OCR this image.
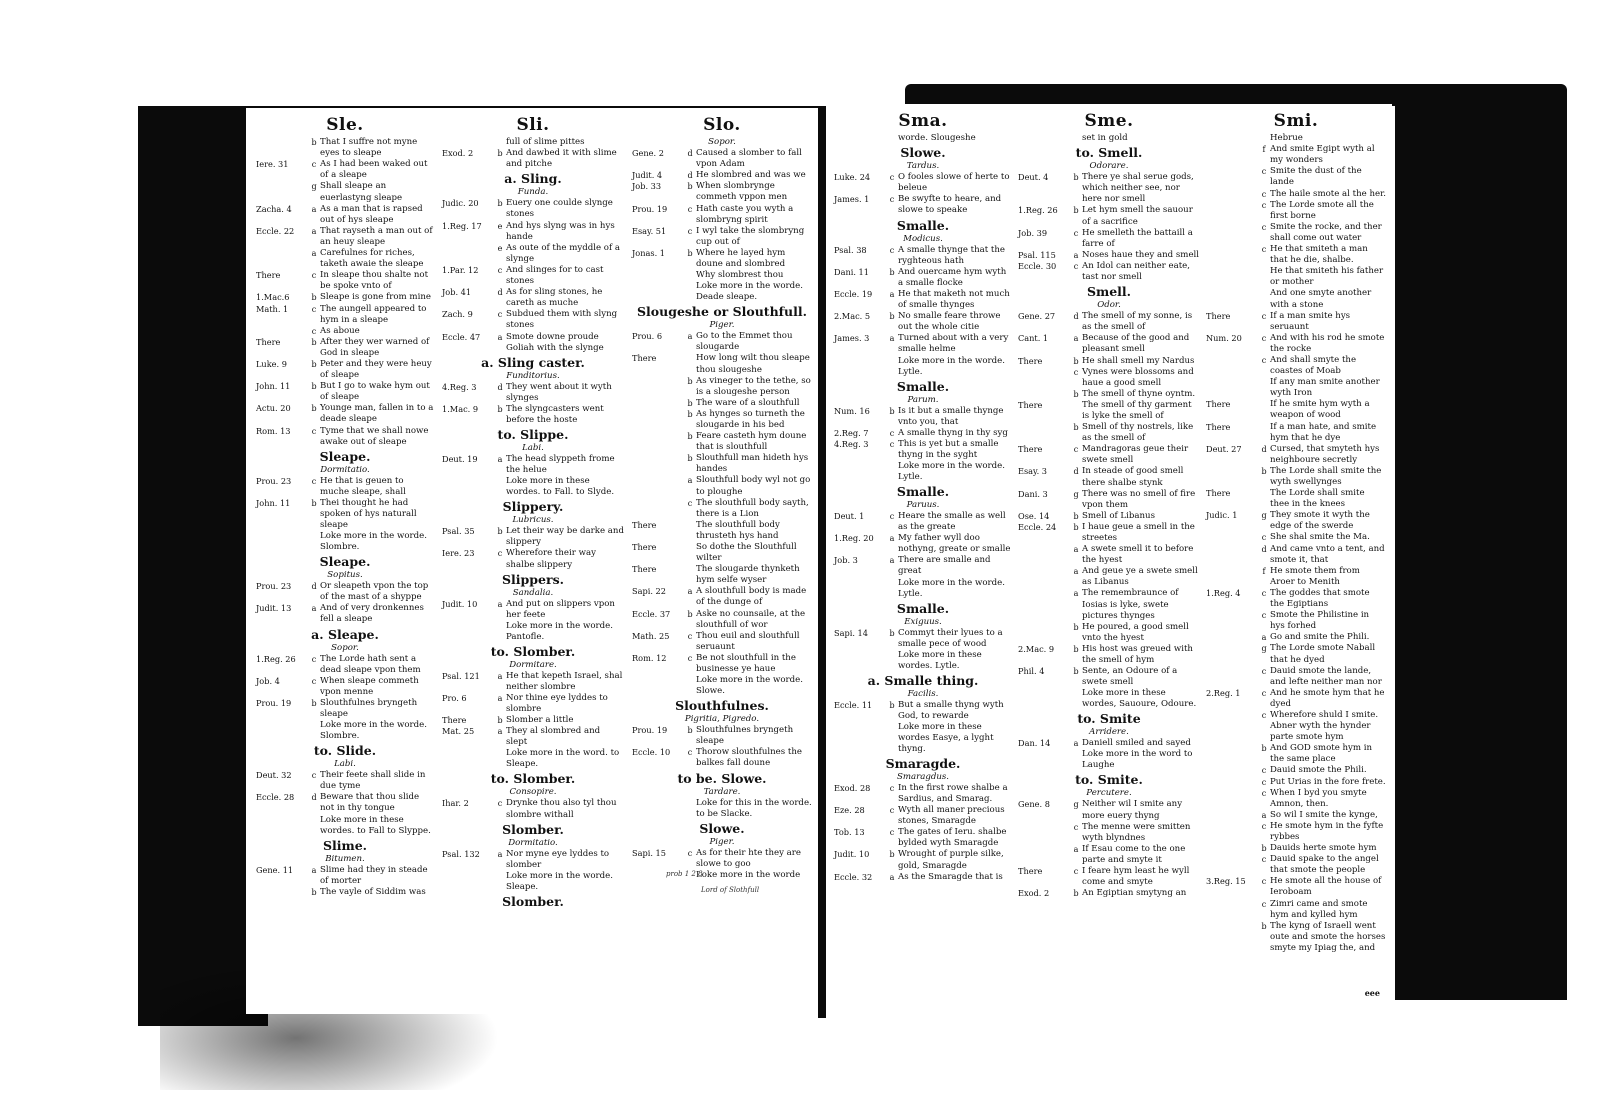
Sle.
b That I suffre not myne eyes to sleape
Iere. 31	c As I had been waked out of a sleape
g Shall sleape an euerlastyng sleape
Zacha. 4	a As a man that is rapsed out of hys sleape
Eccle. 22	a That rayseth a man out of an heuy sleape
a Carefulnes for riches, taketh awaie the sleape
There	c In sleape thou shalte not be spoke vnto of
1.Mac.6	b Sleape is gone from mine
Math. 1	c The aungell appeared to hym in a sleape
c As aboue
There	b After they wer warned of God in sleape
Luke. 9	b Peter and they were heuy of sleape
John. 11	b But I go to wake hym out of sleape
Actu. 20	b Younge man, fallen in to a deade sleape
Rom. 13	c Tyme that we shall nowe awake out of sleape
Sleape.
Dormitatio.
Prou. 23	c He that is geuen to muche sleape, shall
John. 11	b Thei thought he had spoken of hys naturall sleape
Loke more in the worde. Slombre.
Sleape.
Sopitus.
Prou. 23	d Or sleapeth vpon the top of the mast of a shyppe
Judit. 13	a And of very dronkennes fell a sleape
a. Sleape.
Sopor.
1.Reg. 26	c The Lorde hath sent a dead sleape vpon them
Job. 4	c When sleape commeth vpon menne
Prou. 19	b Slouthfulnes bryngeth sleape
Loke more in the worde. Slombre.
to. Slide.
Labi.
Deut. 32	c Their feete shall slide in due tyme
Eccle. 28	d Beware that thou slide not in thy tongue
Loke more in these wordes. to Fall to Slyppe.
Slime.
Bitumen.
Gene. 11	a Slime had they in steade of morter
b The vayle of Siddim was
Sli.
full of slime pittes
Exod. 2	b And dawbed it with slime and pitche
a. Sling.
Funda.
Judic. 20	b Euery one coulde slynge stones
1.Reg. 17	e And hys slyng was in hys hande
e As oute of the myddle of a slynge
1.Par. 12	c And slinges for to cast stones
Job. 41	d As for sling stones, he careth as muche
Zach. 9	c Subdued them with slyng stones
Eccle. 47	a Smote downe proude Goliah with the slynge
a. Sling caster.
Funditorius.
4.Reg. 3	d They went about it wyth slynges
1.Mac. 9	b The slyngcasters went before the hoste
to. Slippe.
Labi.
Deut. 19	a The head slyppeth frome the helue
Loke more in these wordes. to Fall. to Slyde.
Slippery.
Lubricus.
Psal. 35	b Let their way be darke and slippery
Iere. 23	c Wherefore their way shalbe slippery
Slippers.
Sandalia.
Judit. 10	a And put on slippers vpon her feete
Loke more in the worde. Pantofle.
to. Slomber.
Dormitare.
Psal. 121	a He that kepeth Israel, shal neither slombre
Pro. 6	a Nor thine eye lyddes to slombre
There	b Slomber a little
Mat. 25	a They al slombred and slept
Loke more in the word. to Sleape.
to. Slomber.
Consopire.
Ihar. 2	c Drynke thou also tyl thou slombre withall
Slomber.
Dormitatio.
Psal. 132	a Nor myne eye lyddes to slomber
Loke more in the worde. Sleape.
Slomber.
Slo.
Sopor.
Gene. 2	d Caused a slomber to fall vpon Adam
Judit. 4	d He slombred and was we
Job. 33	b When slombrynge commeth vppon men
Prou. 19	c Hath caste you wyth a slombryng spirit
Esay. 51	c I wyl take the slombryng cup out of
Jonas. 1	b Where he layed hym doune and slombred
Why slombrest thou
Loke more in the worde. Deade sleape.
Slougeshe or Slouthfull.
Piger.
Prou. 6	a Go to the Emmet thou slougarde
There	How long wilt thou sleape thou slougeshe
b As vineger to the tethe, so is a slougeshe person
b The ware of a slouthfull
b As hynges so turneth the slougarde in his bed
b Feare casteth hym doune that is slouthfull
b Slouthfull man hideth hys handes
a Slouthfull body wyl not go to ploughe
c The slouthfull body sayth, there is a Lion
There	The slouthfull body thrusteth hys hand
There	So dothe the Slouthfull wilter
There	The slougarde thynketh hym selfe wyser
Sapi. 22	a A slouthfull body is made of the dunge of
Eccle. 37	b Aske no counsaile, at the slouthfull of wor
Math. 25	c Thou euil and slouthfull seruaunt
Rom. 12	c Be not slouthfull in the businesse ye haue
Loke more in the worde. Slowe.
Slouthfulnes.
Pigritia, Pigredo.
Prou. 19	b Slouthfulnes bryngeth sleape
Eccle. 10	c Thorow slouthfulnes the balkes fall doune
to be. Slowe.
Tardare.
Loke for this in the worde. to be Slacke.
Slowe.
Piger.
Sapi. 15	c As for their hte they are slowe to goo
Loke more in the worde
prob 1 2 8
Lord of Slothfull
Sma.
worde. Slougeshe
Slowe.
Tardus.
Luke. 24	c O fooles slowe of herte to beleue
James. 1	c Be swyfte to heare, and slowe to speake
Smalle.
Modicus.
Psal. 38	c A smalle thynge that the ryghteous hath
Dani. 11	b And ouercame hym wyth a smalle flocke
Eccle. 19	a He that maketh not much of smalle thynges
2.Mac. 5	b No smalle feare throwe out the whole citie
James. 3	a Turned about with a very smalle helme
Loke more in the worde. Lytle.
Smalle.
Parum.
Num. 16	b Is it but a smalle thynge vnto you, that
2.Reg. 7	c A smalle thyng in thy syg
4.Reg. 3	c This is yet but a smalle thyng in the syght
Loke more in the worde. Lytle.
Smalle.
Paruus.
Deut. 1	c Heare the smalle as well as the greate
1.Reg. 20	a My father wyll doo nothyng, greate or smalle
Job. 3	a There are smalle and great
Loke more in the worde. Lytle.
Smalle.
Exiguus.
Sapi. 14	b Commyt their lyues to a smalle pece of wood
Loke more in these wordes. Lytle.
a. Smalle thing.
Facilis.
Eccle. 11	b But a smalle thyng wyth God, to rewarde
Loke more in these wordes Easye, a lyght thyng.
Smaragde.
Smaragdus.
Exod. 28	c In the first rowe shalbe a Sardius, and Smarag.
Eze. 28	c Wyth all maner precious stones, Smaragde
Tob. 13	c The gates of Ieru. shalbe bylded wyth Smaragde
Judit. 10	b Wrought of purple silke, gold, Smaragde
Eccle. 32	a As the Smaragde that is
Sme.
set in gold
to. Smell.
Odorare.
Deut. 4	b There ye shal serue gods, which neither see, nor here nor smell
1.Reg. 26	b Let hym smell the sauour of a sacrifice
Job. 39	c He smelleth the battaill a farre of
Psal. 115	a Noses haue they and smell
Eccle. 30	c An Idol can neither eate, tast nor smell
Smell.
Odor.
Gene. 27	d The smell of my sonne, is as the smell of
Cant. 1	a Because of the good and pleasant smell
There	b He shall smell my Nardus
c Vynes were blossoms and haue a good smell
b The smell of thyne oyntm.
There	The smell of thy garment is lyke the smell of
b Smell of thy nostrels, like as the smell of
There	c Mandragoras geue their swete smell
Esay. 3	d In steade of good smell there shalbe stynk
Dani. 3	g There was no smell of fire vpon them
Ose. 14	b Smell of Libanus
Eccle. 24	b I haue geue a smell in the streetes
a A swete smell it to before the hyest
a And geue ye a swete smell as Libanus
a The remembraunce of Iosias is lyke, swete pictures thynges
b He poured, a good smell vnto the hyest
2.Mac. 9	b His host was greued with the smell of hym
Phil. 4	b Sente, an Odoure of a swete smell
Loke more in these wordes, Sauoure, Odoure.
to. Smite
Arridere.
Dan. 14	a Daniell smiled and sayed
Loke more in the word to Laughe
to. Smite.
Percutere.
Gene. 8	g Neither wil I smite any more euery thyng
c The menne were smitten wyth blyndnes
a If Esau come to the one parte and smyte it
There	c I feare hym least he wyll come and smyte
Exod. 2	b An Egiptian smytyng an
Smi.
Hebrue
f And smite Egipt wyth al my wonders
c Smite the dust of the lande
c The haile smote al the her.
c The Lorde smote all the first borne
c Smite the rocke, and ther shall come out water
c He that smiteth a man that he die, shalbe.
He that smiteth his father or mother
And one smyte another with a stone
There	c If a man smite hys seruaunt
Num. 20	c And with his rod he smote the rocke
c And shall smyte the coastes of Moab
If any man smite another wyth Iron
There	If he smite hym wyth a weapon of wood
There	If a man hate, and smite hym that he dye
Deut. 27	d Cursed, that smyteth hys neighboure secretly
b The Lorde shall smite the wyth swellynges
There	The Lorde shall smite thee in the knees
Judic. 1	g They smote it wyth the edge of the swerde
c She shal smite the Ma.
d And came vnto a tent, and smote it, that
f He smote them from Aroer to Menith
1.Reg. 4	c The goddes that smote the Egiptians
c Smote the Philistine in hys forhed
a Go and smite the Phili.
g The Lorde smote Naball that he dyed
c Dauid smote the lande, and lefte neither man nor
2.Reg. 1	c And he smote hym that he dyed
c Wherefore shuld I smite. Abner wyth the hynder parte smote hym
b And GOD smote hym in the same place
c Dauid smote the Phili.
c Put Urias in the fore frete.
c When I byd you smyte Amnon, then.
a So wil I smite the kynge,
c He smote hym in the fyfte rybbes
b Dauids herte smote hym
c Dauid spake to the angel that smote the people
3.Reg. 15	c He smote all the house of Ieroboam
c Zimri came and smote hym and kylled hym
b The kyng of Israell went oute and smote the horses
smyte my Ipiag the, and
eee
